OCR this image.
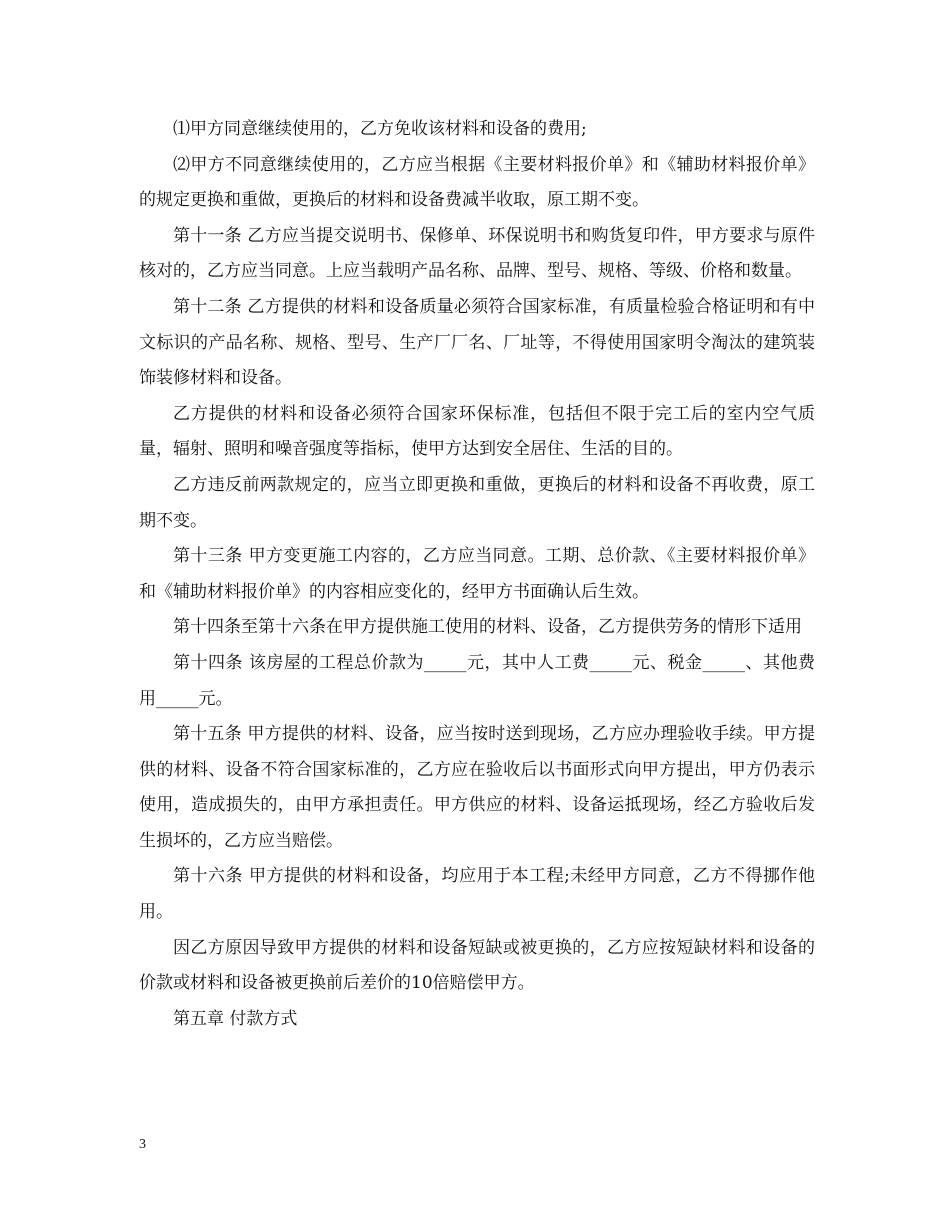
⑴甲方同意继续使用的，乙方免收该材料和设备的费用;

⑵甲方不同意继续使用的，乙方应当根据《主要材料报价单》和《辅助材料报价单》的规定更换和重做，更换后的材料和设备费减半收取，原工期不变。

第十一条 乙方应当提交说明书、保修单、环保说明书和购货复印件，甲方要求与原件核对的，乙方应当同意。上应当载明产品名称、品牌、型号、规格、等级、价格和数量。

第十二条 乙方提供的材料和设备质量必须符合国家标准，有质量检验合格证明和有中文标识的产品名称、规格、型号、生产厂厂名、厂址等，不得使用国家明令淘汰的建筑装饰装修材料和设备。

乙方提供的材料和设备必须符合国家环保标准，包括但不限于完工后的室内空气质量，辐射、照明和噪音强度等指标，使甲方达到安全居住、生活的目的。

乙方违反前两款规定的，应当立即更换和重做，更换后的材料和设备不再收费，原工期不变。

第十三条 甲方变更施工内容的，乙方应当同意。工期、总价款、《主要材料报价单》和《辅助材料报价单》的内容相应变化的，经甲方书面确认后生效。

第十四条至第十六条在甲方提供施工使用的材料、设备，乙方提供劳务的情形下适用

第十四条 该房屋的工程总价款为_____元，其中人工费_____元、税金_____、其他费用_____元。

第十五条 甲方提供的材料、设备，应当按时送到现场，乙方应办理验收手续。甲方提供的材料、设备不符合国家标准的，乙方应在验收后以书面形式向甲方提出，甲方仍表示使用，造成损失的，由甲方承担责任。甲方供应的材料、设备运抵现场，经乙方验收后发生损坏的，乙方应当赔偿。

第十六条 甲方提供的材料和设备，均应用于本工程;未经甲方同意，乙方不得挪作他用。

因乙方原因导致甲方提供的材料和设备短缺或被更换的，乙方应按短缺材料和设备的价款或材料和设备被更换前后差价的10倍赔偿甲方。

第五章 付款方式

3
